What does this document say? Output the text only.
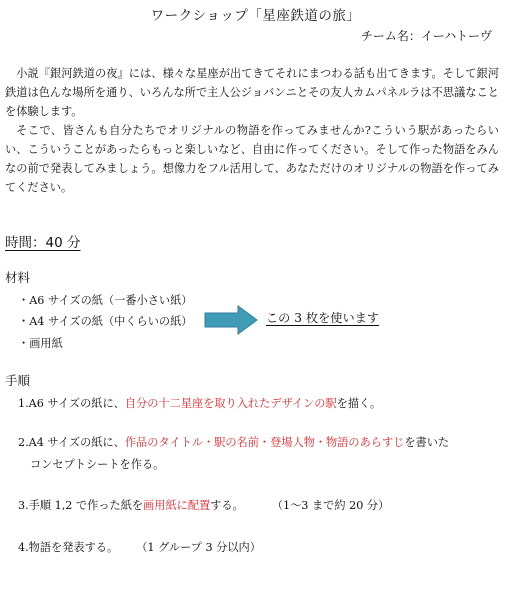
ワークショップ「星座鉄道の旅」
チーム名：イーハトーヴ

小説『銀河鉄道の夜』には、様々な星座が出てきてそれにまつわる話も出てきます。そして銀河鉄道は色んな場所を通り、いろんな所で主人公ジョバンニとその友人カムパネルラは不思議なことを体験します。

そこで、皆さんも自分たちでオリジナルの物語を作ってみませんか?こういう駅があったらいい、こういうことがあったらもっと楽しいなど、自由に作ってください。そして作った物語をみんなの前で発表してみましょう。想像力をフル活用して、あなただけのオリジナルの物語を作ってみてください。

時間：40 分
材料
・A6 サイズの紙（一番小さい紙）
・A4 サイズの紙（中くらいの紙）
・画用紙
この 3 枚を使います
手順
1.A6 サイズの紙に、自分の十二星座を取り入れたデザインの駅を描く。
2.A4 サイズの紙に、作品のタイトル・駅の名前・登場人物・物語のあらすじを書いた
コンセプトシートを作る。
3.手順 1,2 で作った紙を画用紙に配置する。	（1〜3 まで約 20 分）
4.物語を発表する。 （1 グループ 3 分以内）
